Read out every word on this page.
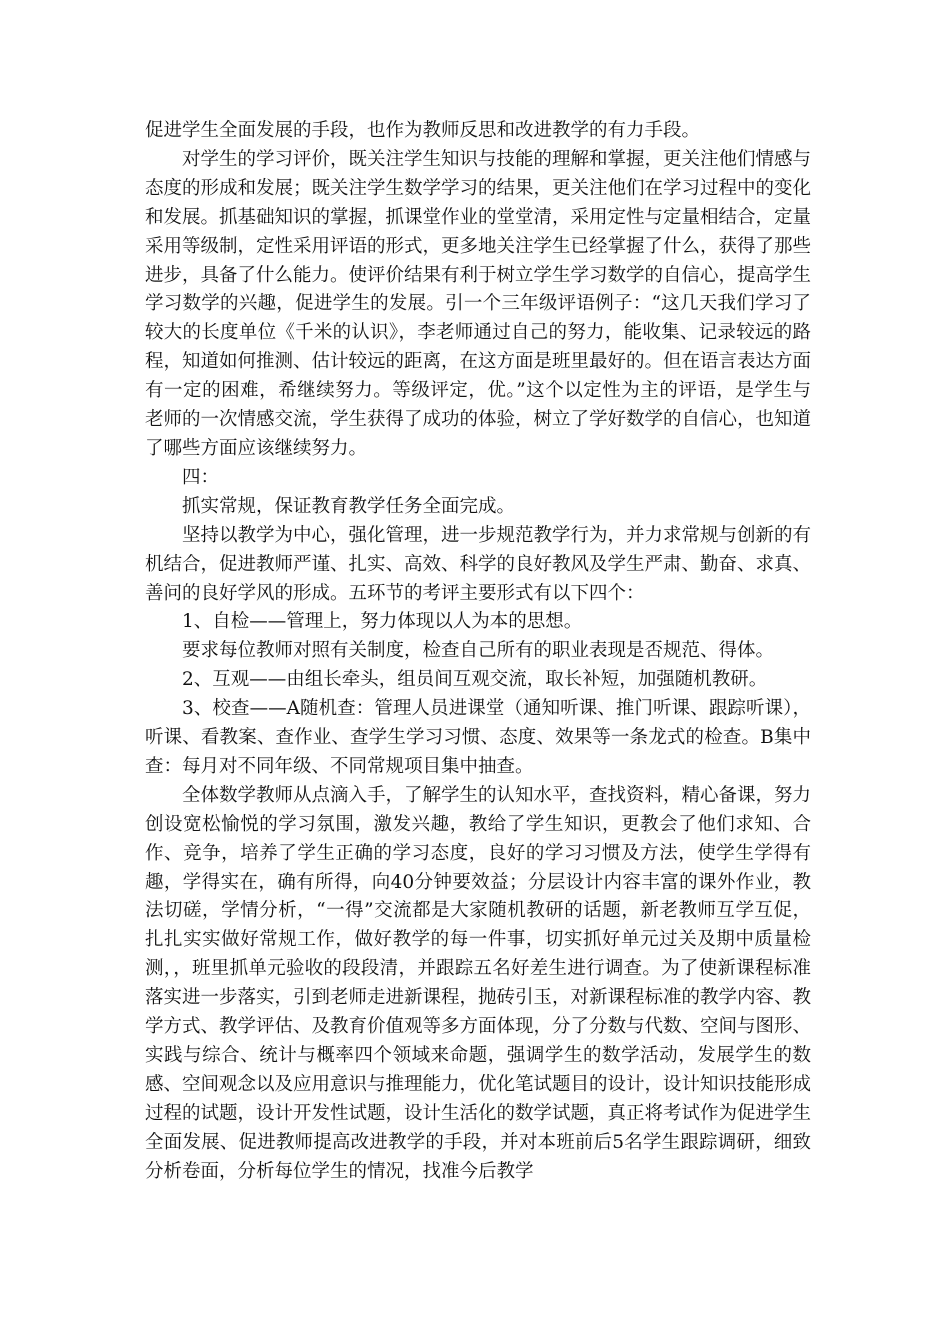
促进学生全面发展的手段，也作为教师反思和改进教学的有力手段。

对学生的学习评价，既关注学生知识与技能的理解和掌握，更关注他们情感与态度的形成和发展；既关注学生数学学习的结果，更关注他们在学习过程中的变化和发展。抓基础知识的掌握，抓课堂作业的堂堂清，采用定性与定量相结合，定量采用等级制，定性采用评语的形式，更多地关注学生已经掌握了什么，获得了那些进步，具备了什么能力。使评价结果有利于树立学生学习数学的自信心，提高学生学习数学的兴趣，促进学生的发展。引一个三年级评语例子：“这几天我们学习了较大的长度单位《千米的认识》，李老师通过自己的努力，能收集、记录较远的路程，知道如何推测、估计较远的距离，在这方面是班里最好的。但在语言表达方面有一定的困难，希继续努力。等级评定，优。”这个以定性为主的评语，是学生与老师的一次情感交流，学生获得了成功的体验，树立了学好数学的自信心，也知道了哪些方面应该继续努力。

四：

抓实常规，保证教育教学任务全面完成。

坚持以教学为中心，强化管理，进一步规范教学行为，并力求常规与创新的有机结合，促进教师严谨、扎实、高效、科学的良好教风及学生严肃、勤奋、求真、善问的良好学风的形成。五环节的考评主要形式有以下四个：

1、自检——管理上，努力体现以人为本的思想。

要求每位教师对照有关制度，检查自己所有的职业表现是否规范、得体。

2、互观——由组长牵头，组员间互观交流，取长补短，加强随机教研。

3、校查——A随机查：管理人员进课堂（通知听课、推门听课、跟踪听课），听课、看教案、查作业、查学生学习习惯、态度、效果等一条龙式的检查。B集中查：每月对不同年级、不同常规项目集中抽查。

全体数学教师从点滴入手，了解学生的认知水平，查找资料，精心备课，努力创设宽松愉悦的学习氛围，激发兴趣，教给了学生知识，更教会了他们求知、合作、竞争，培养了学生正确的学习态度，良好的学习习惯及方法，使学生学得有趣，学得实在，确有所得，向40分钟要效益；分层设计内容丰富的课外作业，教法切磋，学情分析，“一得”交流都是大家随机教研的话题，新老教师互学互促，扎扎实实做好常规工作，做好教学的每一件事，切实抓好单元过关及期中质量检测，，班里抓单元验收的段段清，并跟踪五名好差生进行调查。为了使新课程标准落实进一步落实，引到老师走进新课程，抛砖引玉，对新课程标准的教学内容、教学方式、教学评估、及教育价值观等多方面体现，分了分数与代数、空间与图形、实践与综合、统计与概率四个领域来命题，强调学生的数学活动，发展学生的数感、空间观念以及应用意识与推理能力，优化笔试题目的设计，设计知识技能形成过程的试题，设计开发性试题，设计生活化的数学试题，真正将考试作为促进学生全面发展、促进教师提高改进教学的手段，并对本班前后5名学生跟踪调研，细致分析卷面，分析每位学生的情况，找准今后教学
